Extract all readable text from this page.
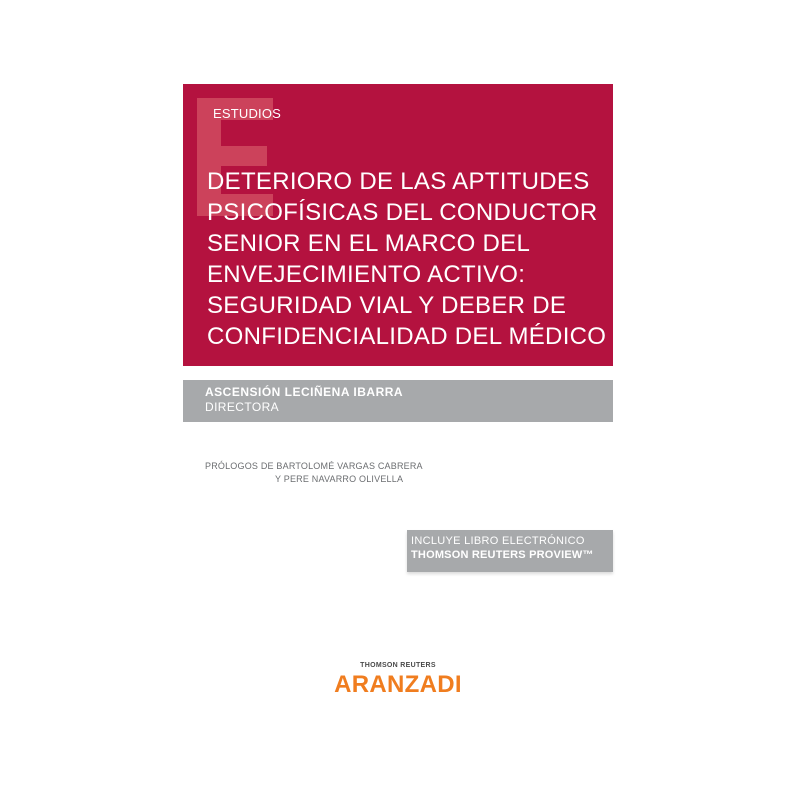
ESTUDIOS
DETERIORO DE LAS APTITUDES
PSICOFÍSICAS DEL CONDUCTOR
SENIOR EN EL MARCO DEL
ENVEJECIMIENTO ACTIVO:
SEGURIDAD VIAL Y DEBER DE
CONFIDENCIALIDAD DEL MÉDICO
ASCENSIÓN LECIÑENA IBARRA
DIRECTORA
PRÓLOGOS DE BARTOLOMÉ VARGAS CABRERA
Y PERE NAVARRO OLIVELLA
INCLUYE LIBRO ELECTRÓNICO
THOMSON REUTERS PROVIEW™
THOMSON REUTERS
ARANZADI
